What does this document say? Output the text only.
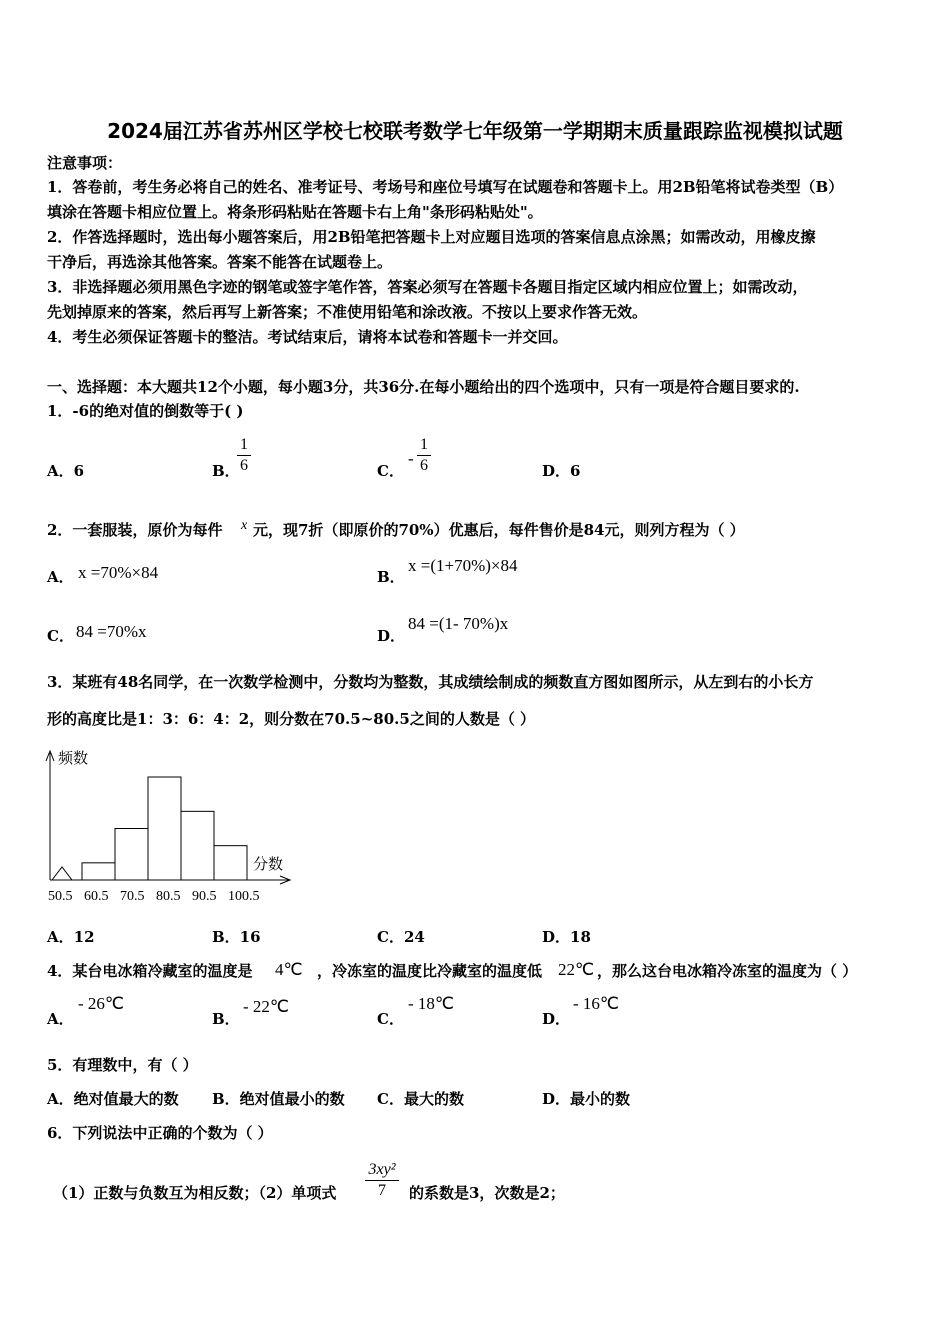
2024届江苏省苏州区学校七校联考数学七年级第一学期期末质量跟踪监视模拟试题
注意事项：
1．答卷前，考生务必将自己的姓名、准考证号、考场号和座位号填写在试题卷和答题卡上。用2B铅笔将试卷类型（B）
填涂在答题卡相应位置上。将条形码粘贴在答题卡右上角"条形码粘贴处"。
2．作答选择题时，选出每小题答案后，用2B铅笔把答题卡上对应题目选项的答案信息点涂黑；如需改动，用橡皮擦
干净后，再选涂其他答案。答案不能答在试题卷上。
3．非选择题必须用黑色字迹的钢笔或签字笔作答，答案必须写在答题卡各题目指定区域内相应位置上；如需改动，
先划掉原来的答案，然后再写上新答案；不准使用铅笔和涂改液。不按以上要求作答无效。
4．考生必须保证答题卡的整洁。考试结束后，请将本试卷和答题卡一并交回。
一、选择题：本大题共12个小题，每小题3分，共36分.在每小题给出的四个选项中，只有一项是符合题目要求的.
1．-6的绝对值的倒数等于( )
A．6	B．
$\frac{1}{6}$	C．
- $\frac{1}{6}$	D．6
2．一套服装，原价为每件 x 元，现7折（即原价的70%）优惠后，每件售价是84元，则列方程为（ ）
A． x =70%×84	B．
x =(1+70%)×84
C． 84 =70%x	D．
84 =(1- 70%)x
3．某班有48名同学，在一次数学检测中，分数均为整数，其成绩绘制成的频数直方图如图所示，从左到右的小长方
形的高度比是1：3：6：4：2，则分数在70.5~80.5之间的人数是（ ）
频数
分数
50.5 60.5 70.5 80.5 90.5 100.5
A．12	B．16	C．24	D．18
4．某台电冰箱冷藏室的温度是 4℃ ，冷冻室的温度比冷藏室的温度低 22℃ ，那么这台电冰箱冷冻室的温度为（ ）
A．
- 26℃
B．
- 22℃
C．
- 18℃
D．
- 16℃
5．有理数中，有（ ）
A．绝对值最大的数 B．绝对值最小的数 C．最大的数	D．最小的数
6．下列说法中正确的个数为（ ）
（1）正数与负数互为相反数；（2）单项式 $\frac{\text{3xy²}}{7}$ 的系数是3，次数是2；
